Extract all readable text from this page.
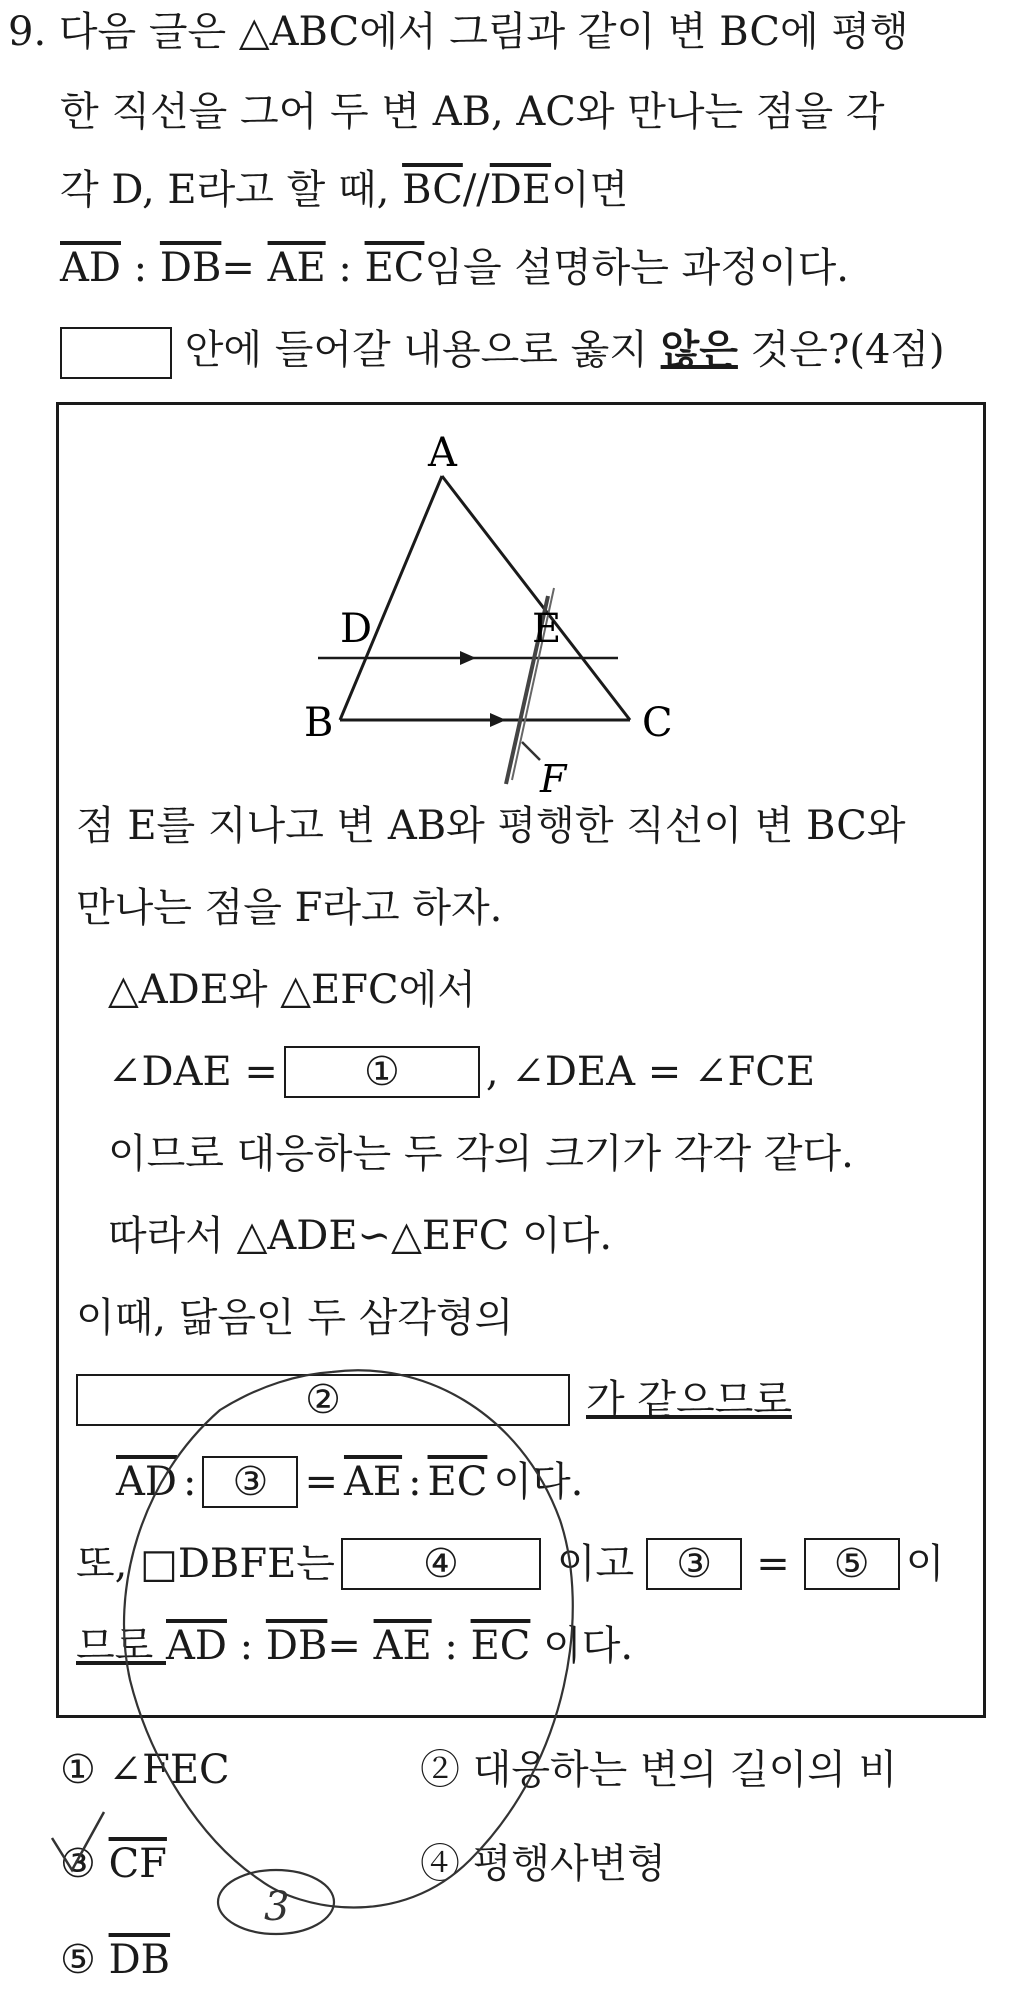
9. 다음 글은 △ABC에서 그림과 같이 변 BC에 평행
한 직선을 그어 두 변 AB, AC와 만나는 점을 각
각 D, E라고 할 때, $\overline{BC}//\overline{DE}$이면
$\overline{AD}$ : $\overline{DB}= \overline{AE}$ : $\overline{EC}$임을 설명하는 과정이다.
안에 들어갈 내용으로 옳지 않은 것은?(4점)
A
B	C
D	E
F
점 E를 지나고 변 AB와 평행한 직선이 변 BC와
만나는 점을 F라고 하자.
△ADE와 △EFC에서
∠DAE =	①	, ∠DEA = ∠FCE
이므로 대응하는 두 각의 크기가 각각 같다.
따라서 △ADE∽△EFC 이다.
이때, 닮음인 두 삼각형의
②	가 같으므로
$\overline{AD}$ : ③ = $\overline{AE}$ : $\overline{EC}$ 이다.
또, □DBFE는	④	이고	③	=	⑤ 이
므로 $\overline{AD}$ : $\overline{DB}= \overline{AE}$ : $\overline{EC}$ 이다.
① ∠FEC	② 대응하는 변의 길이의 비
③ $\overline{CF}$	④ 평행사변형
⑤ $\overline{DB}$
3
